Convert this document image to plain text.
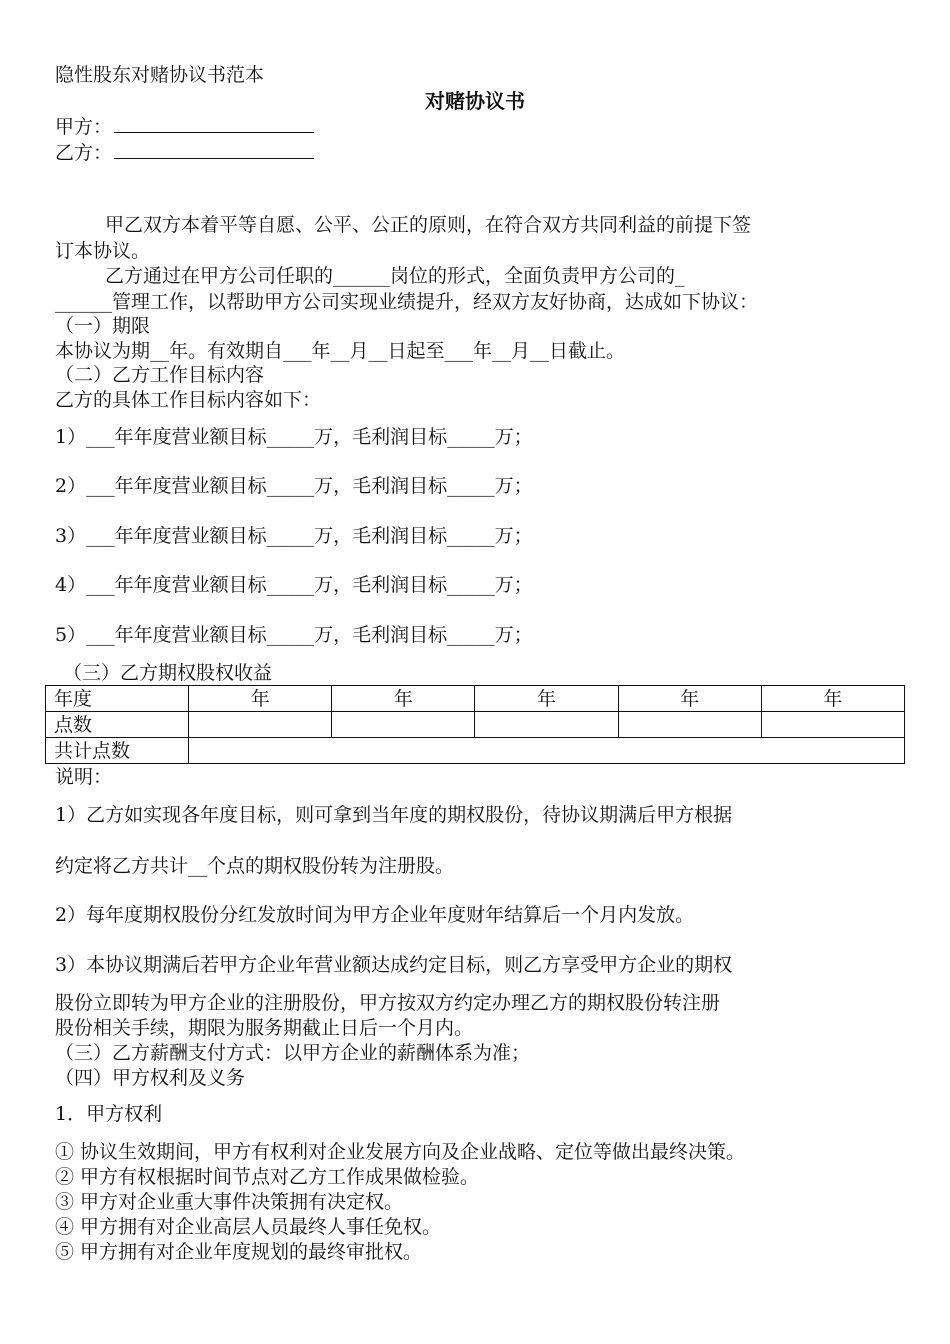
隐性股东对赌协议书范本
对赌协议书
甲方：
乙方：
甲乙双方本着平等自愿、公平、公正的原则，在符合双方共同利益的前提下签
订本协议。
乙方通过在甲方公司任职的______岗位的形式，全面负责甲方公司的_
______管理工作，以帮助甲方公司实现业绩提升，经双方友好协商，达成如下协议：
（一）期限
本协议为期__年。有效期自___年__月__日起至___年__月__日截止。
（二）乙方工作目标内容
乙方的具体工作目标内容如下：
1）___年年度营业额目标_____万，毛利润目标_____万；
2）___年年度营业额目标_____万，毛利润目标_____万；
3）___年年度营业额目标_____万，毛利润目标_____万；
4）___年年度营业额目标_____万，毛利润目标_____万；
5）___年年度营业额目标_____万，毛利润目标_____万；
（三）乙方期权股权收益
年度	年	年	年	年	年
点数					
共计点数					
说明：
1）乙方如实现各年度目标，则可拿到当年度的期权股份，待协议期满后甲方根据
约定将乙方共计__个点的期权股份转为注册股。
2）每年度期权股份分红发放时间为甲方企业年度财年结算后一个月内发放。
3）本协议期满后若甲方企业年营业额达成约定目标，则乙方享受甲方企业的期权
股份立即转为甲方企业的注册股份，甲方按双方约定办理乙方的期权股份转注册
股份相关手续，期限为服务期截止日后一个月内。
（三）乙方薪酬支付方式：以甲方企业的薪酬体系为准；
（四）甲方权利及义务
1．甲方权利
① 协议生效期间，甲方有权利对企业发展方向及企业战略、定位等做出最终决策。
② 甲方有权根据时间节点对乙方工作成果做检验。
③ 甲方对企业重大事件决策拥有决定权。
④ 甲方拥有对企业高层人员最终人事任免权。
⑤ 甲方拥有对企业年度规划的最终审批权。
